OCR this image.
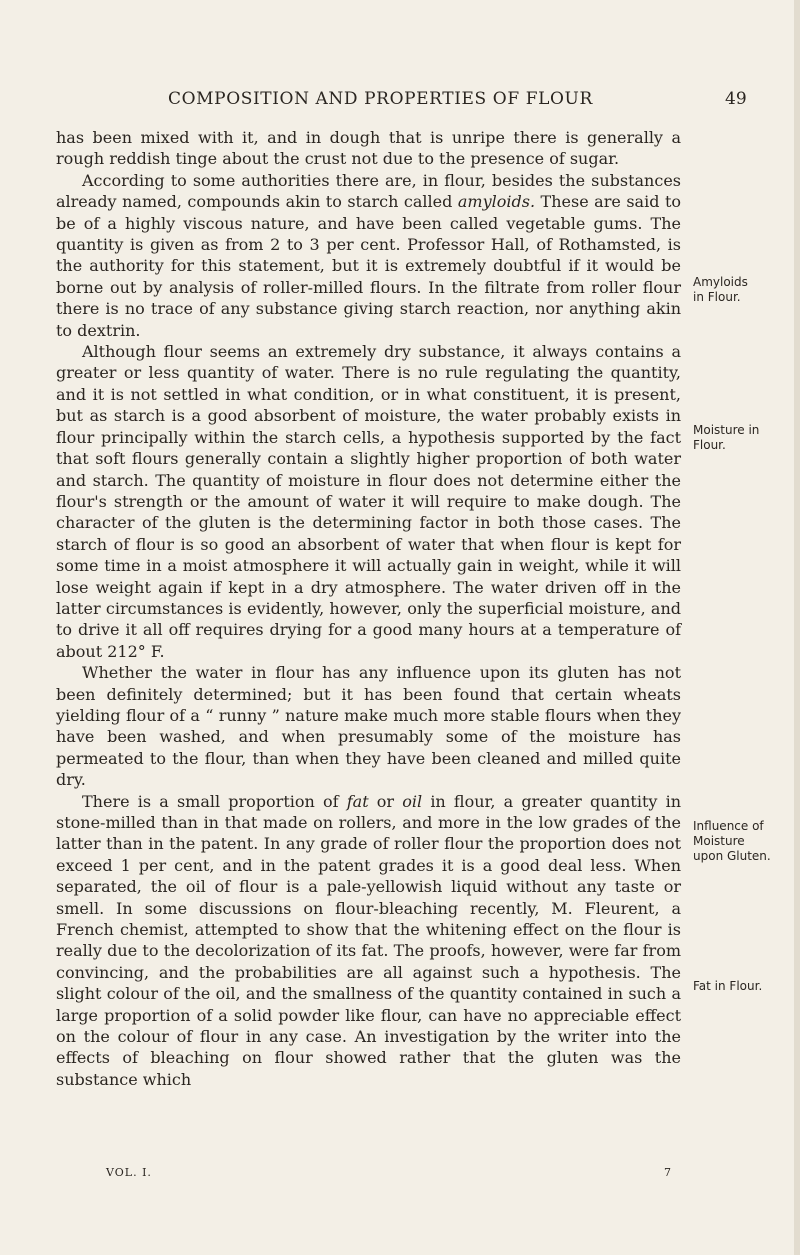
COMPOSITION AND PROPERTIES OF FLOUR	49

has been mixed with it, and in dough that is unripe there is generally a rough reddish tinge about the crust not due to the presence of sugar.

According to some authorities there are, in flour, besides the substances already named, compounds akin to starch called amyloids. These are said to be of a highly viscous nature, and have been called vegetable gums. The quantity is given as from 2 to 3 per cent. Professor Hall, of Rothamsted, is the authority for this statement, but it is extremely doubtful if it would be borne out by analysis of roller-milled flours. In the filtrate from roller flour there is no trace of any substance giving starch reaction, nor anything akin to dextrin.

Although flour seems an extremely dry substance, it always contains a greater or less quantity of water. There is no rule regulating the quantity, and it is not settled in what condition, or in what constituent, it is present, but as starch is a good absorbent of moisture, the water probably exists in flour principally within the starch cells, a hypothesis supported by the fact that soft flours generally contain a slightly higher proportion of both water and starch. The quantity of moisture in flour does not determine either the flour's strength or the amount of water it will require to make dough. The character of the gluten is the determining factor in both those cases. The starch of flour is so good an absorbent of water that when flour is kept for some time in a moist atmosphere it will actually gain in weight, while it will lose weight again if kept in a dry atmosphere. The water driven off in the latter circumstances is evidently, however, only the superficial moisture, and to drive it all off requires drying for a good many hours at a temperature of about 212° F.

Whether the water in flour has any influence upon its gluten has not been definitely determined; but it has been found that certain wheats yielding flour of a “ runny ” nature make much more stable flours when they have been washed, and when presumably some of the moisture has permeated to the flour, than when they have been cleaned and milled quite dry.

There is a small proportion of fat or oil in flour, a greater quantity in stone-milled than in that made on rollers, and more in the low grades of the latter than in the patent. In any grade of roller flour the proportion does not exceed 1 per cent, and in the patent grades it is a good deal less. When separated, the oil of flour is a pale-yellowish liquid without any taste or smell. In some discussions on flour-bleaching recently, M. Fleurent, a French chemist, attempted to show that the whitening effect on the flour is really due to the decolorization of its fat. The proofs, however, were far from convincing, and the probabilities are all against such a hypothesis. The slight colour of the oil, and the smallness of the quantity contained in such a large proportion of a solid powder like flour, can have no appreciable effect on the colour of flour in any case. An investigation by the writer into the effects of bleaching on flour showed rather that the gluten was the substance which

Amyloids
in Flour.
Moisture in
Flour.
Influence of
Moisture
upon Gluten.
Fat in Flour.
VOL. I.	7
